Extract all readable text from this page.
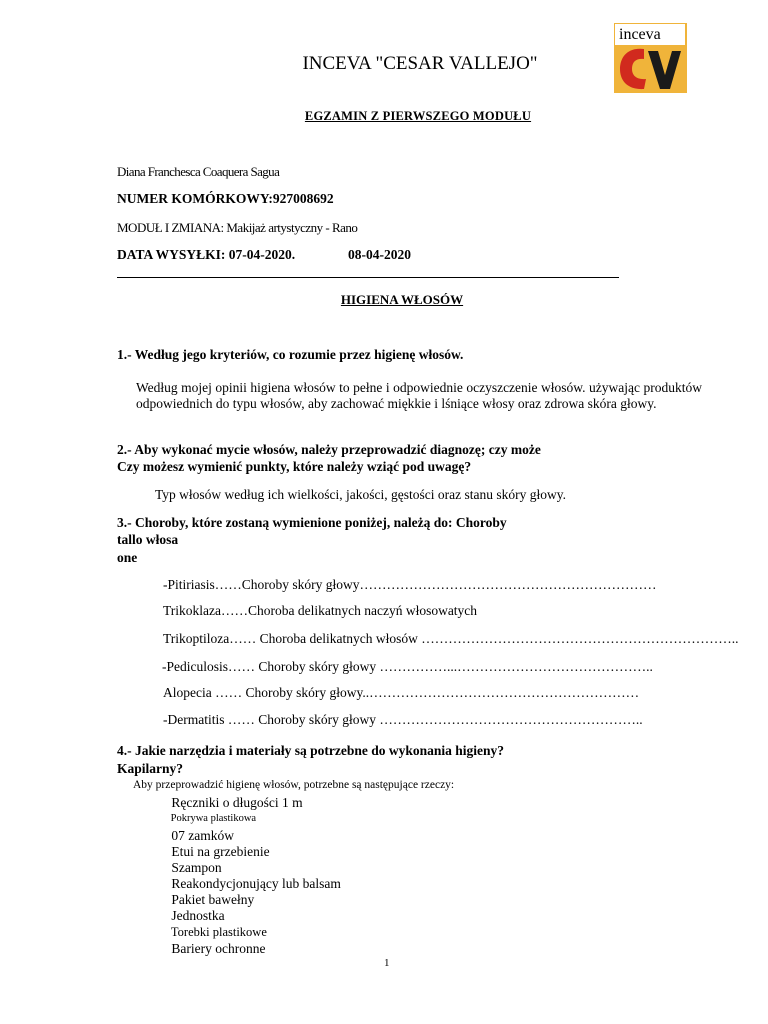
INCEVA "CESAR VALLEJO"
inceva
EGZAMIN Z PIERWSZEGO MODUŁU
Diana Franchesca Coaquera Sagua
NUMER KOMÓRKOWY:927008692
MODUŁ I ZMIANA: Makijaż artystyczny - Rano
DATA WYSYŁKI: 07-04-2020.	08-04-2020
HIGIENA WŁOSÓW
1.- Według jego kryteriów, co rozumie przez higienę włosów.
Według mojej opinii higiena włosów to pełne i odpowiednie oczyszczenie włosów. używając produktów odpowiednich do typu włosów, aby zachować miękkie i lśniące włosy oraz zdrowa skóra głowy.
2.- Aby wykonać mycie włosów, należy przeprowadzić diagnozę; czy może
Czy możesz wymienić punkty, które należy wziąć pod uwagę?
Typ włosów według ich wielkości, jakości, gęstości oraz stanu skóry głowy.
3.- Choroby, które zostaną wymienione poniżej, należą do: Choroby
tallo włosa
one
-Pitiriasis……Choroby skóry głowy…………………………………………………………
Trikoklaza……Choroba delikatnych naczyń włosowatych
Trikoptiloza…… Choroba delikatnych włosów ……………………………………………………………..
-Pediculosis…… Choroby skóry głowy ……………...……………………………………..
Alopecia …… Choroby skóry głowy..……………………………………………………
-Dermatitis …… Choroby skóry głowy …………………………………………………..
4.- Jakie narzędzia i materiały są potrzebne do wykonania higieny?
Kapilarny?
Aby przeprowadzić higienę włosów, potrzebne są następujące rzeczy:
Ręczniki o długości 1 m
Pokrywa plastikowa
07 zamków
Etui na grzebienie
Szampon
Reakondycjonujący lub balsam
Pakiet bawełny
Jednostka
Torebki plastikowe
Bariery ochronne
1
